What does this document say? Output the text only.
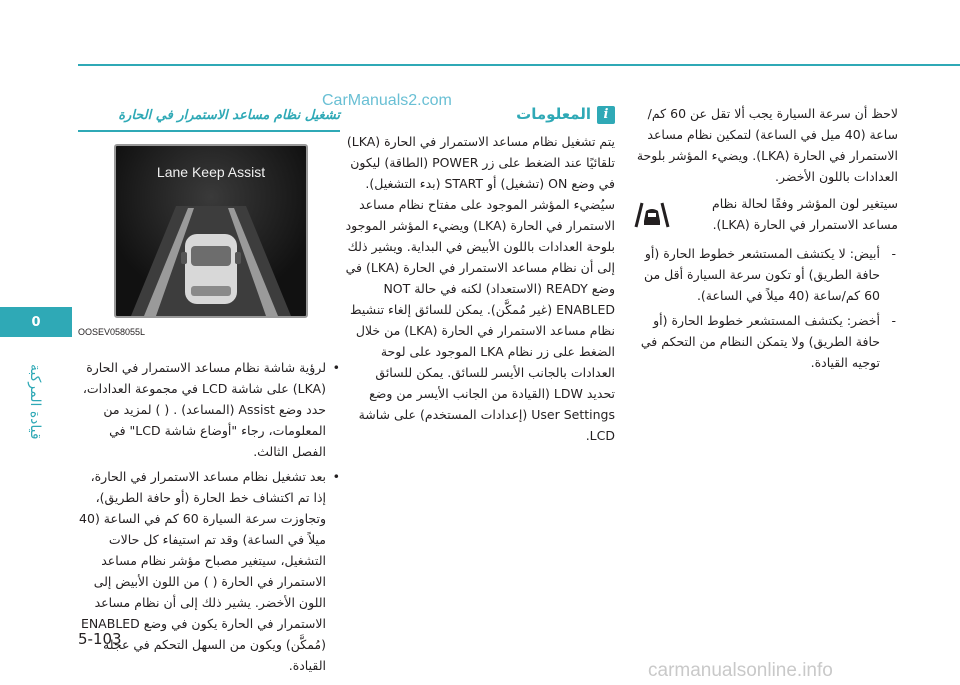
CarManuals2.com
0
قيادة المركبة
5-103
تشغيل نظام مساعد الاستمرار في الحارة
Lane Keep Assist
OOSEV058055L
• لرؤية شاشة نظام مساعد الاستمرار في الحارة (LKA) على شاشة LCD في مجموعة العدادات، حدد وضع Assist (المساعد) . ( ) لمزيد من المعلومات، رجاء "أوضاع شاشة LCD" في الفصل الثالث.
• بعد تشغيل نظام مساعد الاستمرار في الحارة، إذا تم اكتشاف خط الحارة (أو حافة الطريق)، وتجاوزت سرعة السيارة 60 كم في الساعة (40 ميلاً في الساعة) وقد تم استيفاء كل حالات التشغيل، سيتغير مصباح مؤشر نظام مساعد الاستمرار في الحارة ( ) من اللون الأبيض إلى اللون الأخضر. يشير ذلك إلى أن نظام مساعد الاستمرار في الحارة يكون في وضع ENABLED (مُمكَّن) ويكون من السهل التحكم في عجلة القيادة.
i
المعلومات
يتم تشغيل نظام مساعد الاستمرار في الحارة (LKA) تلقائيًا عند الضغط على زر POWER (الطاقة) ليكون في وضع ON (تشغيل) أو START (بدء التشغيل). سيُضيء المؤشر الموجود على مفتاح نظام مساعد الاستمرار في الحارة (LKA) ويضيء المؤشر الموجود بلوحة العدادات باللون الأبيض في البداية. ويشير ذلك إلى أن نظام مساعد الاستمرار في الحارة (LKA) في وضع READY (الاستعداد) لكنه في حالة NOT ENABLED (غير مُمكَّن). يمكن للسائق إلغاء تنشيط نظام مساعد الاستمرار في الحارة (LKA) من خلال الضغط على زر نظام LKA الموجود على لوحة العدادات بالجانب الأيسر للسائق. يمكن للسائق تحديد LDW (القيادة من الجانب الأيسر من وضع User Settings (إعدادات المستخدم) على شاشة LCD.
لاحظ أن سرعة السيارة يجب ألا تقل عن 60 كم/ساعة (40 ميل في الساعة) لتمكين نظام مساعد الاستمرار في الحارة (LKA). ويضيء المؤشر بلوحة العدادات باللون الأخضر.
سيتغير لون المؤشر وفقًا لحالة نظام مساعد الاستمرار في الحارة (LKA).
- أبيض: لا يكتشف المستشعر خطوط الحارة (أو حافة الطريق) أو تكون سرعة السيارة أقل من 60 كم/ساعة (40 ميلاً في الساعة).
- أخضر: يكتشف المستشعر خطوط الحارة (أو حافة الطريق) ولا يتمكن النظام من التحكم في توجيه القيادة.
carmanualsonline.info
